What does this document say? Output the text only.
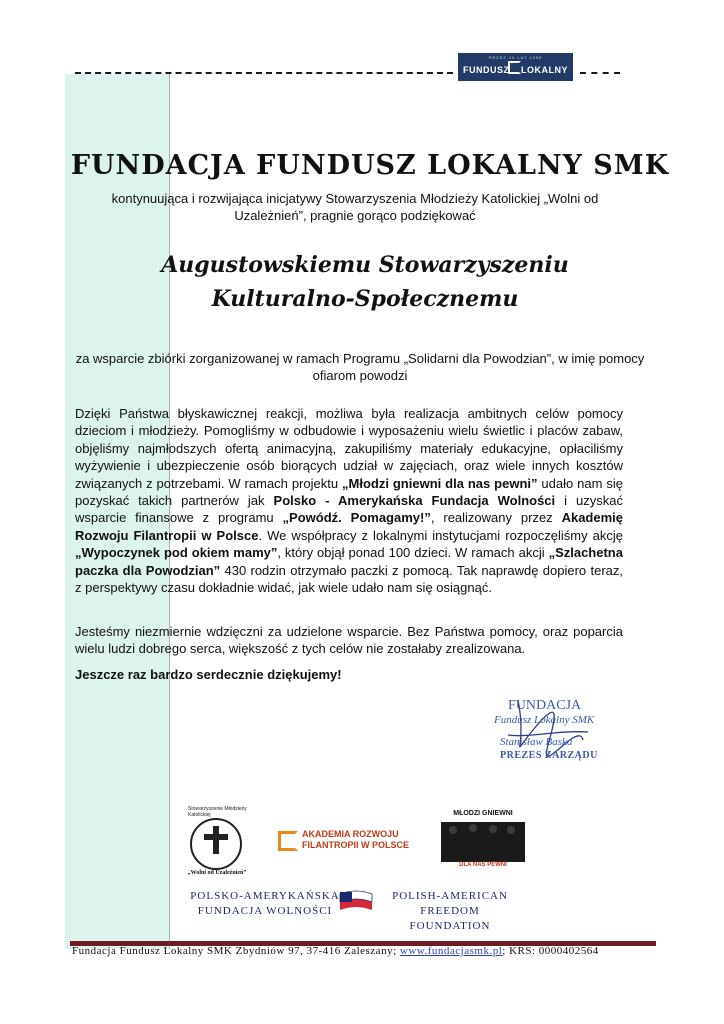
PRZEZ 10 LAT 1998
FUNDUSZ LOKALNY
FUNDACJA FUNDUSZ LOKALNY SMK
kontynuująca i rozwijająca inicjatywy Stowarzyszenia Młodzieży Katolickiej „Wolni od Uzależnień”, pragnie gorąco podziękować
Augustowskiemu Stowarzyszeniu
Kulturalno-Społecznemu
za wsparcie zbiórki zorganizowanej w ramach Programu „Solidarni dla Powodzian”, w imię pomocy ofiarom powodzi

Dzięki Państwa błyskawicznej reakcji, możliwa była realizacja ambitnych celów pomocy dzieciom i młodzieży. Pomogliśmy w odbudowie i wyposażeniu wielu świetlic i placów zabaw, objęliśmy najmłodszych ofertą animacyjną, zakupiliśmy materiały edukacyjne, opłaciliśmy wyżywienie i ubezpieczenie osób biorących udział w zajęciach, oraz wiele innych kosztów związanych z potrzebami. W ramach projektu „Młodzi gniewni dla nas pewni” udało nam się pozyskać takich partnerów jak Polsko - Amerykańska Fundacja Wolności i uzyskać wsparcie finansowe z programu „Powódź. Pomagamy!”, realizowany przez Akademię Rozwoju Filantropii w Polsce. We współpracy z lokalnymi instytucjami rozpoczęliśmy akcję „Wypoczynek pod okiem mamy”, który objął ponad 100 dzieci. W ramach akcji „Szlachetna paczka dla Powodzian” 430 rodzin otrzymało paczki z pomocą. Tak naprawdę dopiero teraz, z perspektywy czasu dokładnie widać, jak wiele udało nam się osiągnąć.

Jesteśmy niezmiernie wdzięczni za udzielone wsparcie. Bez Państwa pomocy, oraz poparcia wielu ludzi dobrego serca, większość z tych celów nie zostałaby zrealizowana.
Jeszcze raz bardzo serdecznie dziękujemy!
FUNDACJA
Fundusz Lokalny SMK
Stanisław Baska
PREZES ZARZĄDU
Stowarzyszenie Młodzieży Katolickiej
„Wolni od Uzależnień”
AKADEMIA ROZWOJU
FILANTROPII W POLSCE
MŁODZI GNIEWNI
DLA NAS PEWNI
POLSKO-AMERYKAŃSKA
FUNDACJA WOLNOŚCI
POLISH-AMERICAN
FREEDOM FOUNDATION
Fundacja Fundusz Lokalny SMK Zbydniów 97, 37-416 Zaleszany; www.fundacjasmk.pl; KRS: 0000402564
